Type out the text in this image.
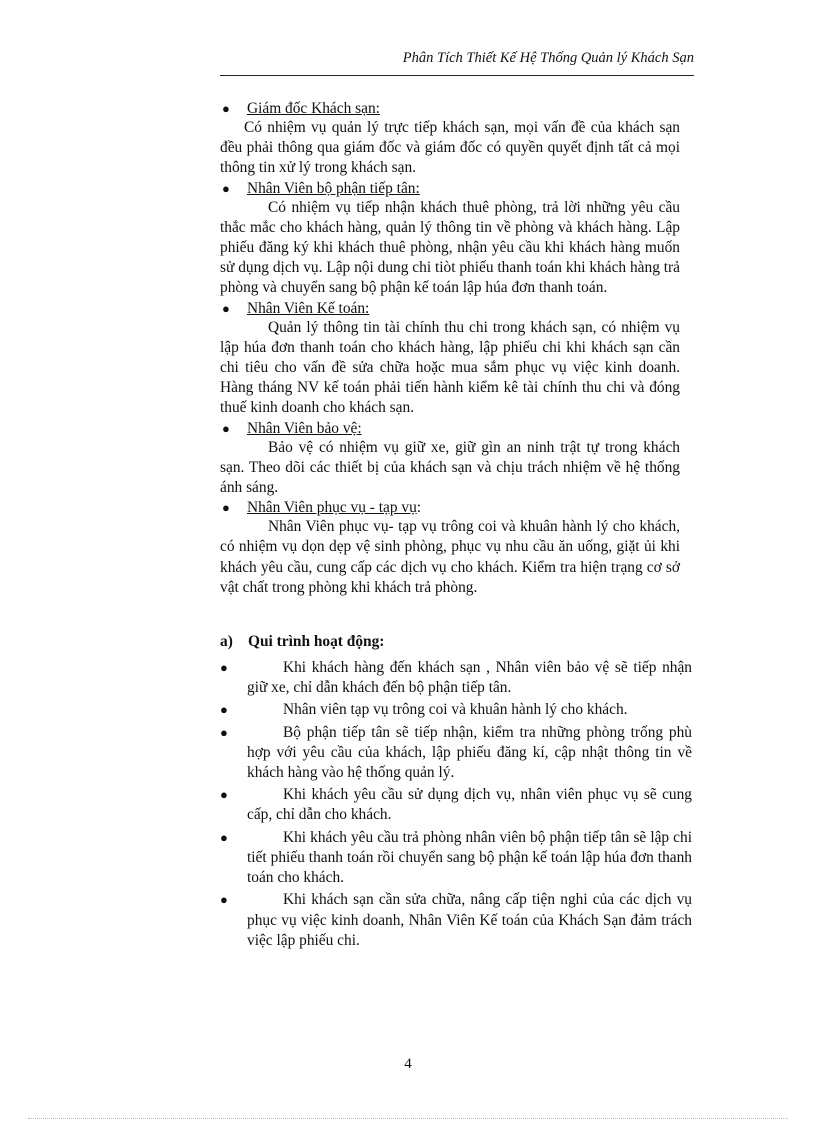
Phân Tích Thiết Kế Hệ Thống Quản lý Khách Sạn
● Giám đốc Khách sạn:

Có nhiệm vụ quản lý trực tiếp khách sạn, mọi vấn đề của khách sạn đều phải thông qua giám đốc và giám đốc có quyền quyết định tất cả mọi thông tin xử lý trong khách sạn.

● Nhân Viên bộ phận tiếp tân:

Có nhiệm vụ tiếp nhận khách thuê phòng, trả lời những yêu cầu thắc mắc cho khách hàng, quản lý thông tin về phòng và khách hàng. Lập phiếu đăng ký khi khách thuê phòng, nhận yêu cầu khi khách hàng muốn sử dụng dịch vụ. Lập nội dung chi tiòt phiếu thanh toán khi khách hàng trả phòng và chuyển sang bộ phận kế toán lập húa đơn thanh toán.

● Nhân Viên Kế toán:

Quản lý thông tin tài chính thu chi trong khách sạn, có nhiệm vụ lập húa đơn thanh toán cho khách hàng, lập phiếu chi khi khách sạn cần chi tiêu cho vấn đề sửa chữa hoặc mua sắm phục vụ việc kinh doanh. Hàng tháng NV kế toán phải tiến hành kiểm kê tài chính thu chi và đóng thuế kinh doanh cho khách sạn.

● Nhân Viên bảo vệ:

Bảo vệ có nhiệm vụ giữ xe, giữ gìn an ninh trật tự trong khách sạn. Theo dõi các thiết bị của khách sạn và chịu trách nhiệm về hệ thống ánh sáng.

● Nhân Viên phục vụ - tạp vụ:

Nhân Viên phục vụ- tạp vụ trông coi và khuân hành lý cho khách, có nhiệm vụ dọn dẹp vệ sinh phòng, phục vụ nhu cầu ăn uống, giặt ủi khi khách yêu cầu, cung cấp các dịch vụ cho khách. Kiểm tra hiện trạng cơ sở vật chất trong phòng khi khách trả phòng.

a) Qui trình hoạt động:
●	Khi khách hàng đến khách sạn , Nhân viên bảo vệ sẽ tiếp nhận giữ xe, chỉ dẫn khách đến bộ phận tiếp tân.
●	Nhân viên tạp vụ trông coi và khuân hành lý cho khách.
●	Bộ phận tiếp tân sẽ tiếp nhận, kiểm tra những phòng trống phù hợp với yêu cầu của khách, lập phiếu đăng kí, cập nhật thông tin về khách hàng vào hệ thống quản lý.
●	Khi khách yêu cầu sử dụng dịch vụ, nhân viên phục vụ sẽ cung cấp, chỉ dẫn cho khách.
●	Khi khách yêu cầu trả phòng nhân viên bộ phận tiếp tân sẽ lập chi tiết phiếu thanh toán rồi chuyển sang bộ phận kế toán lập húa đơn thanh toán cho khách.
●	Khi khách sạn cần sửa chữa, nâng cấp tiện nghi của các dịch vụ phục vụ việc kinh doanh, Nhân Viên Kế toán của Khách Sạn đảm trách việc lập phiếu chi.
4
